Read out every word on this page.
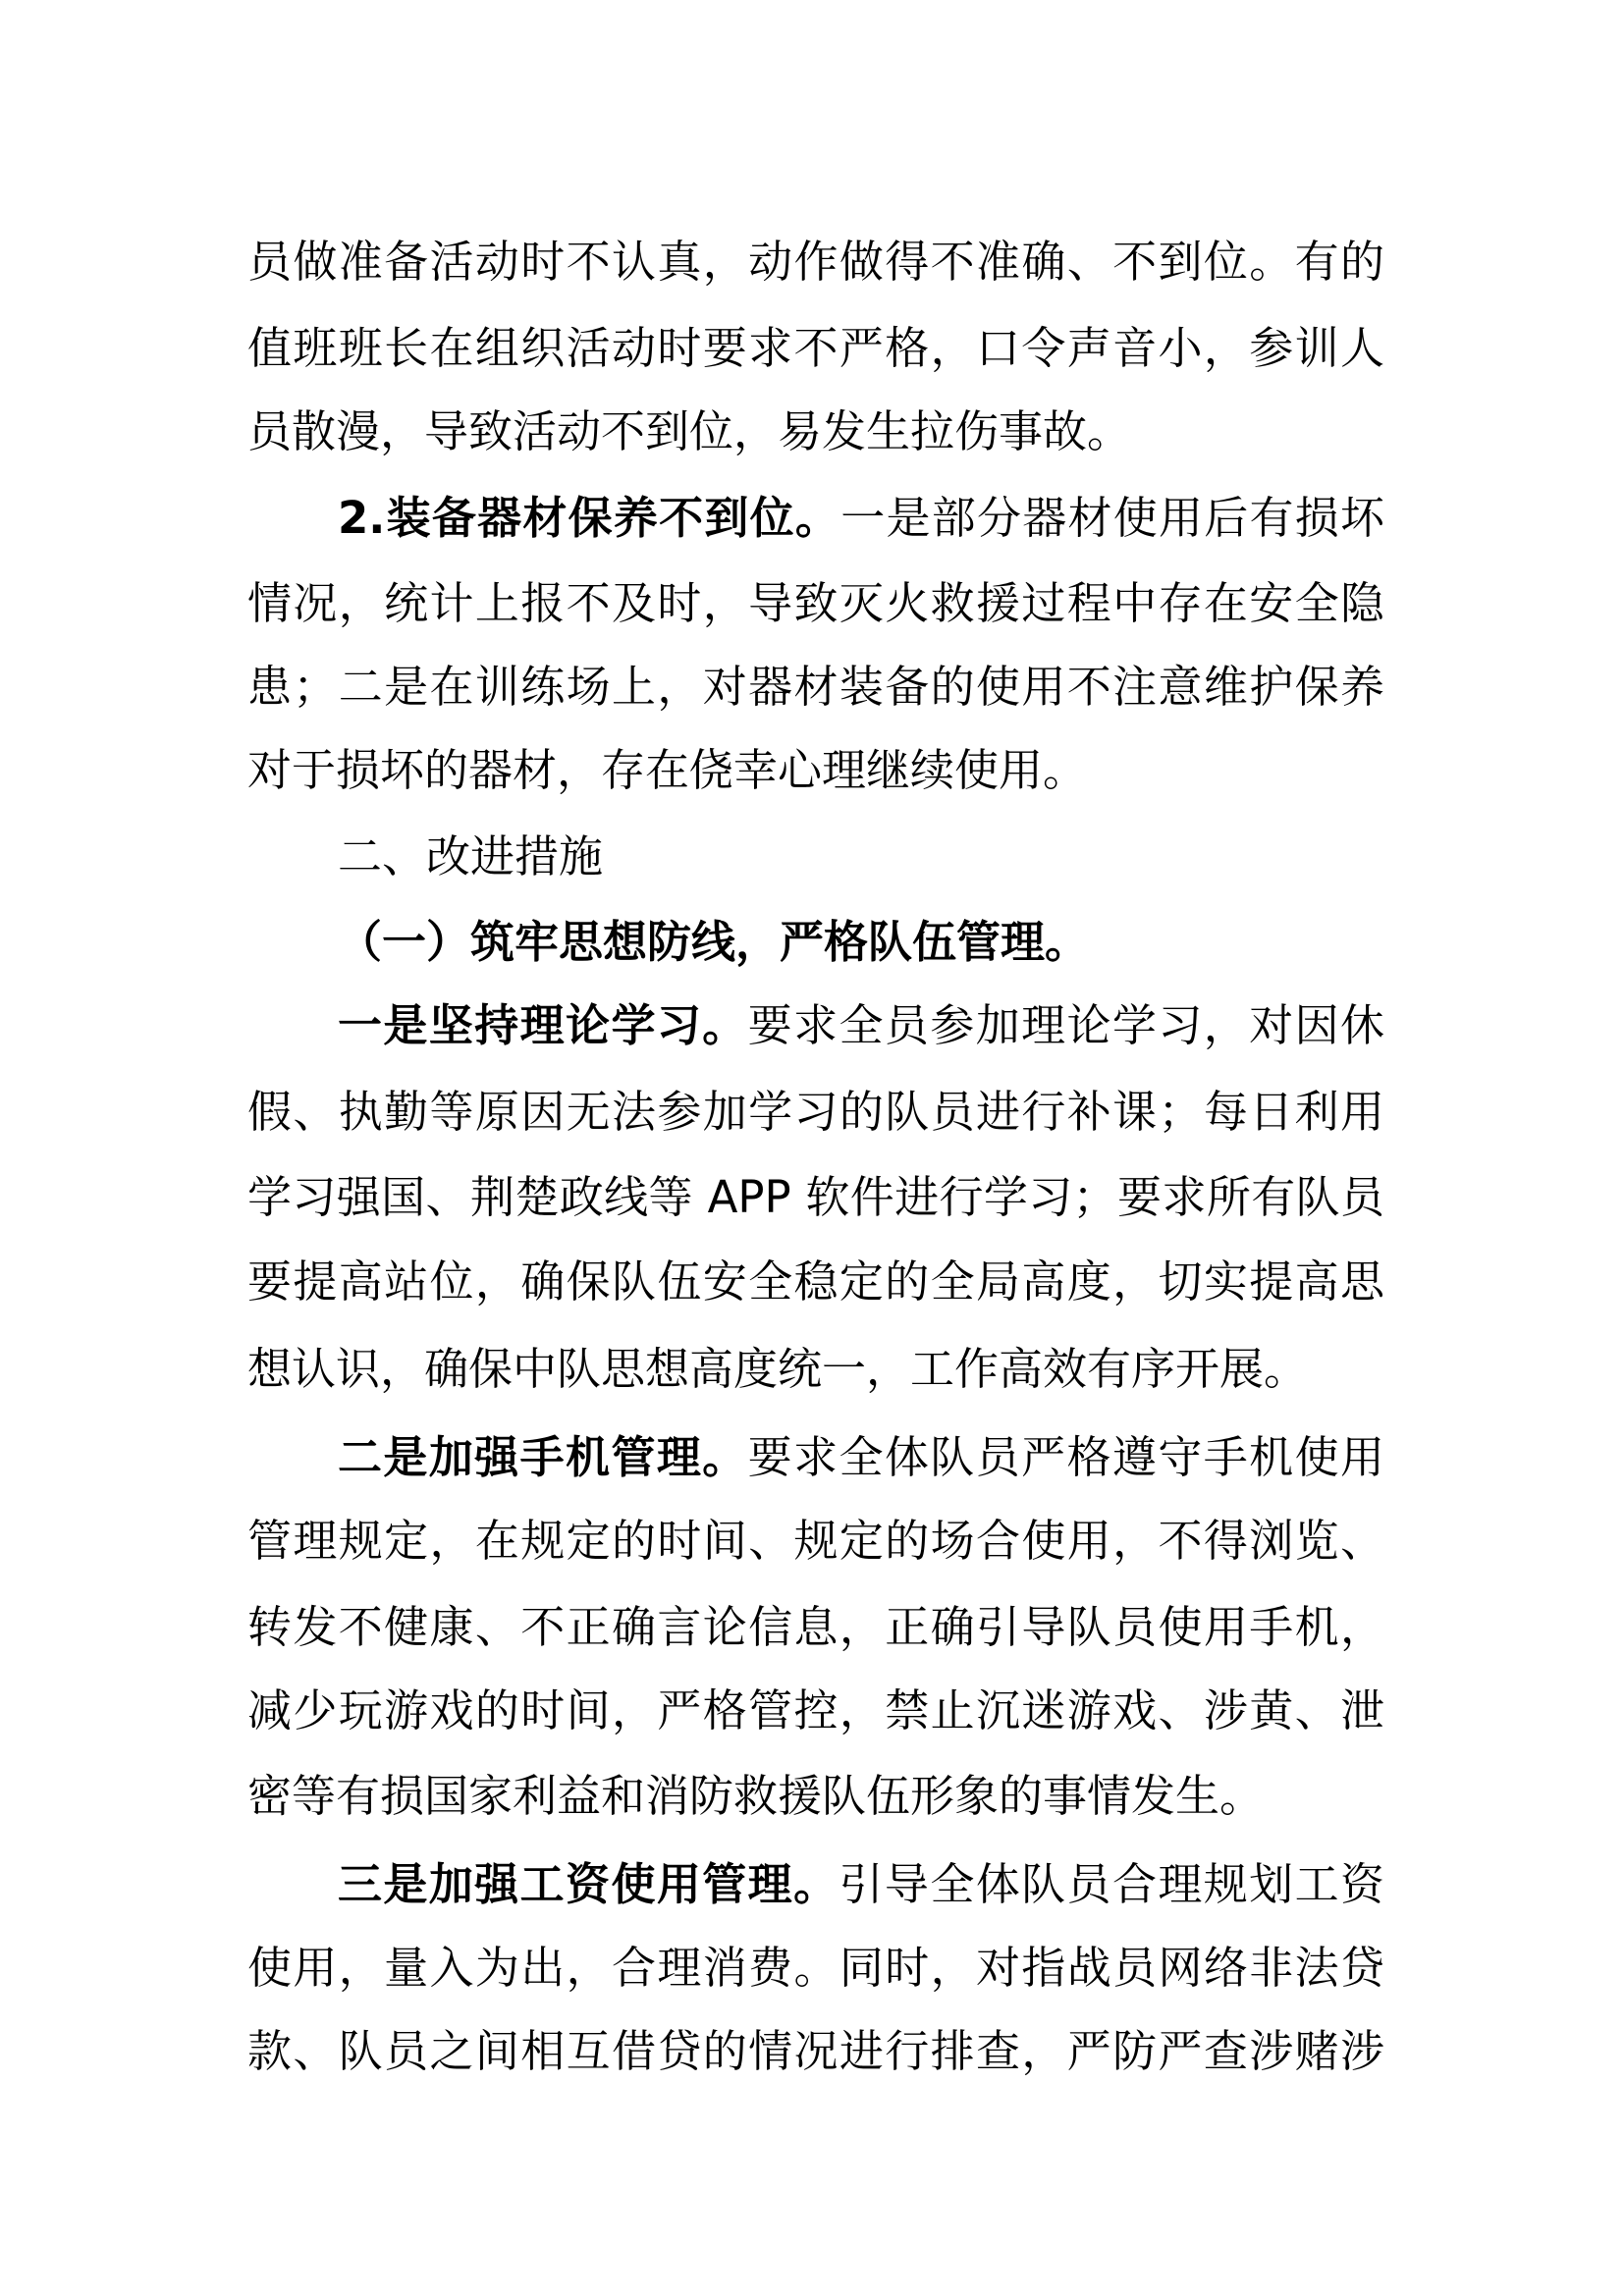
员做准备活动时不认真，动作做得不准确、不到位。有的
值班班长在组织活动时要求不严格，口令声音小，参训人
员散漫，导致活动不到位，易发生拉伤事故。
2.装备器材保养不到位。一是部分器材使用后有损坏
情况，统计上报不及时，导致灭火救援过程中存在安全隐
患；二是在训练场上，对器材装备的使用不注意维护保养
对于损坏的器材，存在侥幸心理继续使用。
二、改进措施
（一）筑牢思想防线，严格队伍管理。
一是坚持理论学习。要求全员参加理论学习，对因休
假、执勤等原因无法参加学习的队员进行补课；每日利用
学习强国、荆楚政线等 APP 软件进行学习；要求所有队员
要提高站位，确保队伍安全稳定的全局高度，切实提高思
想认识，确保中队思想高度统一，工作高效有序开展。
二是加强手机管理。要求全体队员严格遵守手机使用
管理规定，在规定的时间、规定的场合使用，不得浏览、
转发不健康、不正确言论信息，正确引导队员使用手机，
减少玩游戏的时间，严格管控，禁止沉迷游戏、涉黄、泄
密等有损国家利益和消防救援队伍形象的事情发生。
三是加强工资使用管理。引导全体队员合理规划工资
使用，量入为出，合理消费。同时，对指战员网络非法贷
款、队员之间相互借贷的情况进行排查，严防严查涉赌涉
